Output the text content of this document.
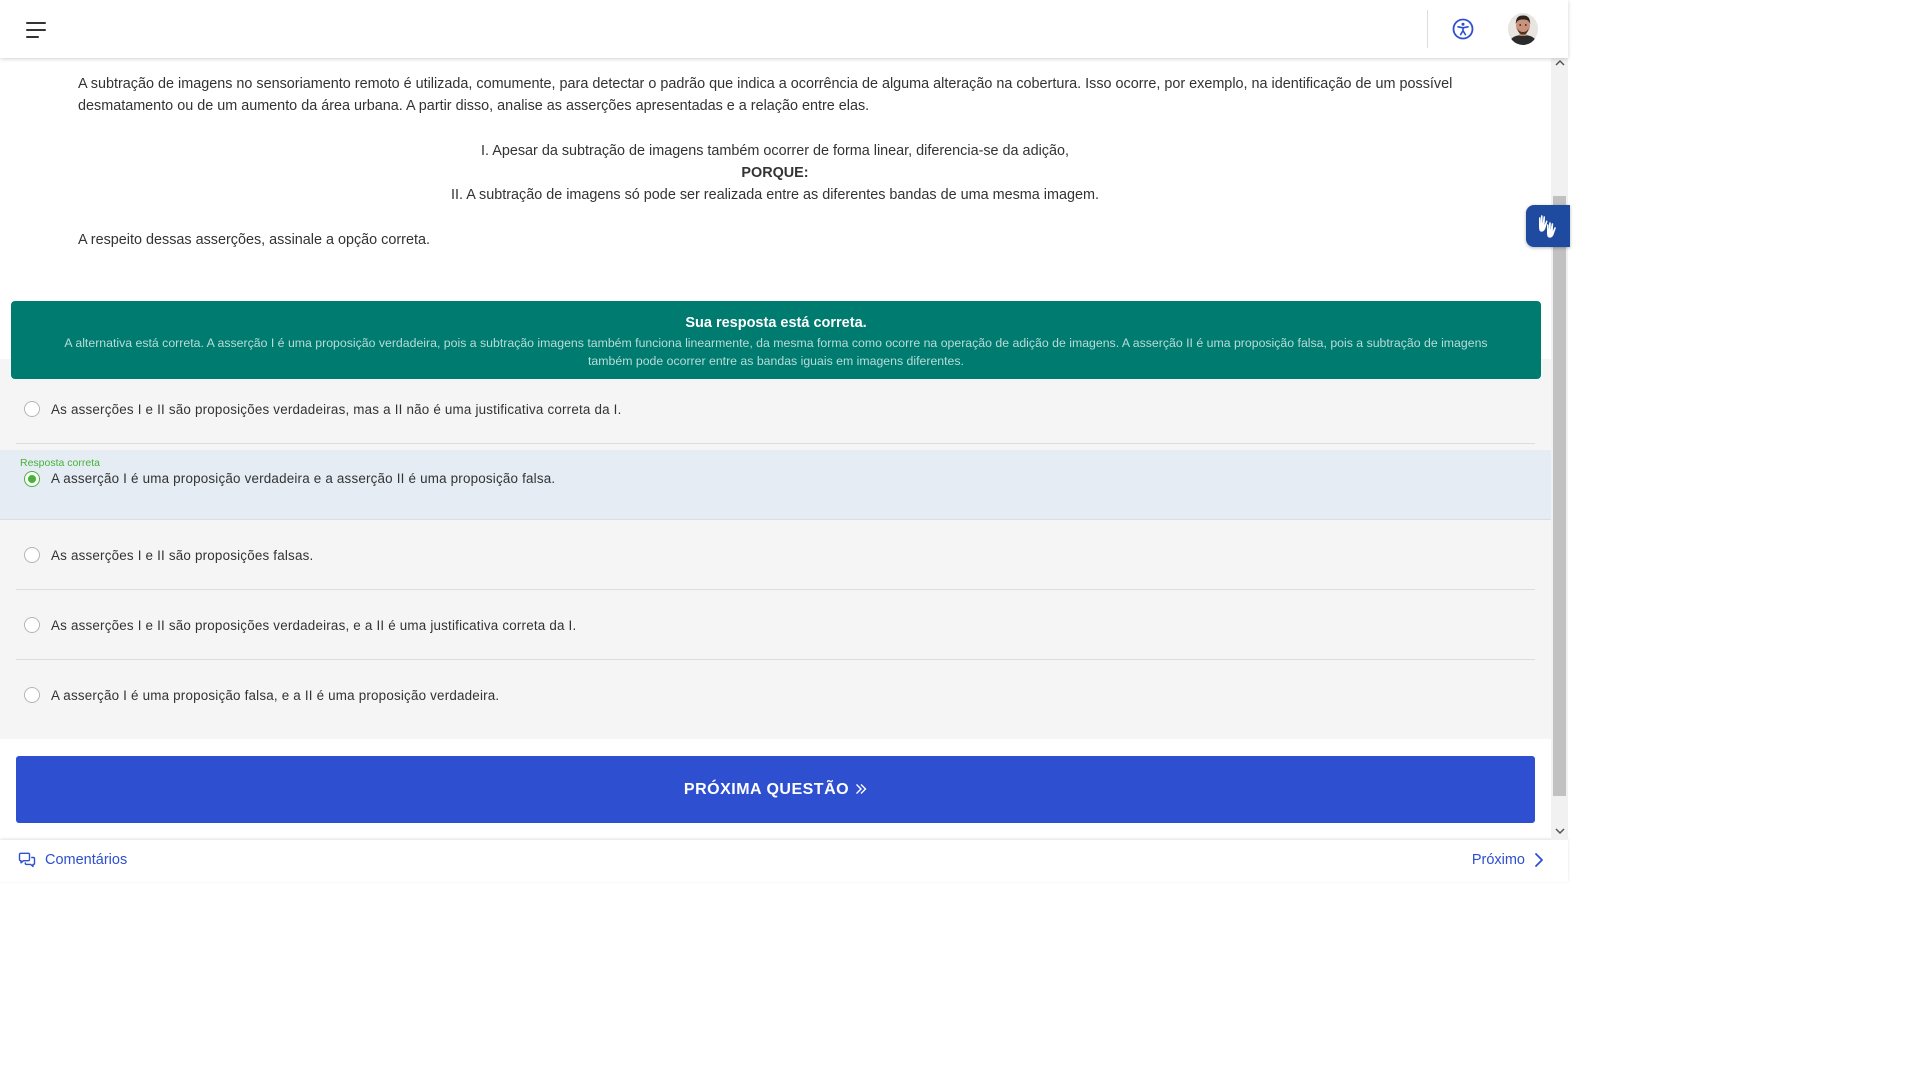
A subtração de imagens no sensoriamento remoto é utilizada, comumente, para detectar o padrão que indica a ocorrência de alguma alteração na cobertura. Isso ocorre, por exemplo, na identificação de um possível desmatamento ou de um aumento da área urbana. A partir disso, analise as asserções apresentadas e a relação entre elas.

I. Apesar da subtração de imagens também ocorrer de forma linear, diferencia-se da adição,

PORQUE:

II. A subtração de imagens só pode ser realizada entre as diferentes bandas de uma mesma imagem.

A respeito dessas asserções, assinale a opção correta.

As asserções I e II são proposições verdadeiras, mas a II não é uma justificativa correta da I.
Resposta correta
A asserção I é uma proposição verdadeira e a asserção II é uma proposição falsa.
As asserções I e II são proposições falsas.
As asserções I e II são proposições verdadeiras, e a II é uma justificativa correta da I.
A asserção I é uma proposição falsa, e a II é uma proposição verdadeira.
Sua resposta está correta.
A alternativa está correta. A asserção I é uma proposição verdadeira, pois a subtração imagens também funciona linearmente, da mesma forma como ocorre na operação de adição de imagens. A asserção II é uma proposição falsa, pois a subtração de imagens também pode ocorrer entre as bandas iguais em imagens diferentes.
PRÓXIMA QUESTÃO
Comentários	Próximo
